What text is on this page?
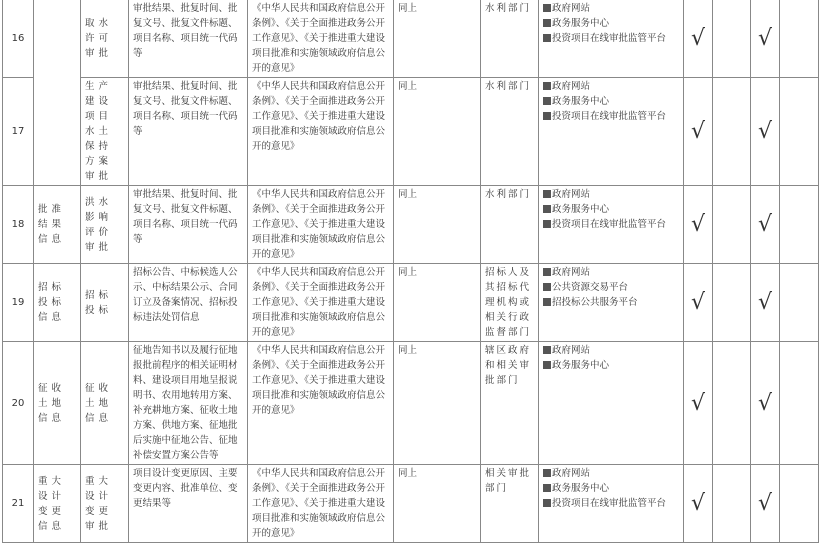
16		取水许可审批	审批结果、批复时间、批复文号、批复文件标题、项目名称、项目统一代码等	《中华人民共和国政府信息公开条例》、《关于全面推进政务公开工作意见》、《关于推进重大建设项目批准和实施领域政府信息公开的意见》	同上	水利部门	政府网站
政务服务中心
投资项目在线审批监管平台	√		√	
17		生产建设项目水土保持方案审批	审批结果、批复时间、批复文号、批复文件标题、项目名称、项目统一代码等	《中华人民共和国政府信息公开条例》、《关于全面推进政务公开工作意见》、《关于推进重大建设项目批准和实施领域政府信息公开的意见》	同上	水利部门	政府网站
政务服务中心
投资项目在线审批监管平台	√		√	
18	批准结果信息	洪水影响评价审批	审批结果、批复时间、批复文号、批复文件标题、项目名称、项目统一代码等	《中华人民共和国政府信息公开条例》、《关于全面推进政务公开工作意见》、《关于推进重大建设项目批准和实施领域政府信息公开的意见》	同上	水利部门	政府网站
政务服务中心
投资项目在线审批监管平台	√		√	
19	招标投标信息	招标投标	招标公告、中标候选人公示、中标结果公示、合同订立及备案情况、招标投标违法处罚信息	《中华人民共和国政府信息公开条例》、《关于全面推进政务公开工作意见》、《关于推进重大建设项目批准和实施领域政府信息公开的意见》	同上	招标人及其招标代理机构或相关行政监督部门	政府网站
公共资源交易平台
招投标公共服务平台	√		√	
20	征收土地信息	征收土地信息	征地告知书以及履行征地报批前程序的相关证明材料、建设项目用地呈报说明书、农用地转用方案、补充耕地方案、征收土地方案、供地方案、征地批后实施中征地公告、征地补偿安置方案公告等	《中华人民共和国政府信息公开条例》、《关于全面推进政务公开工作意见》、《关于推进重大建设项目批准和实施领域政府信息公开的意见》	同上	辖区政府和相关审批部门	政府网站
政务服务中心	√		√	
21	重大设计变更信息	重大设计变更审批	项目设计变更原因、主要变更内容、批准单位、变更结果等	《中华人民共和国政府信息公开条例》、《关于全面推进政务公开工作意见》、《关于推进重大建设项目批准和实施领域政府信息公开的意见》	同上	相关审批部门	政府网站
政务服务中心
投资项目在线审批监管平台	√		√	
